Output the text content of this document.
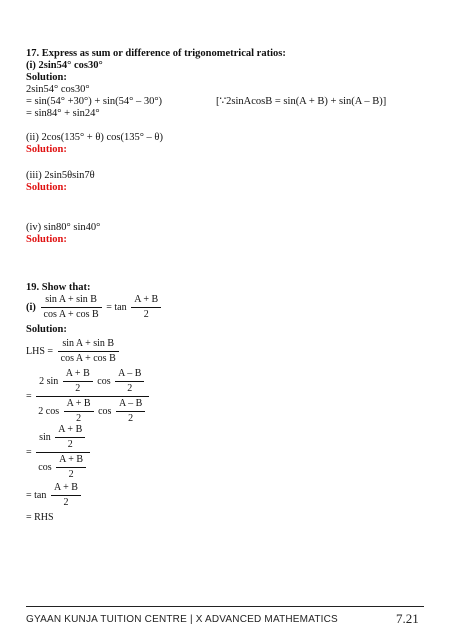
17. Express as sum or difference of trigonometrical ratios:
(i) 2sin54° cos30°
Solution:
2sin54° cos30°
= sin(54° +30°) + sin(54° – 30°)	[∵2sinAcosB = sin(A + B) + sin(A – B)]
= sin84° + sin24°
(ii) 2cos(135° + θ) cos(135° – θ)
Solution:
(iii) 2sin5θsin7θ
Solution:
(iv) sin80° sin40°
Solution:
19. Show that:
$(i) \frac{\text{sin A + sin B}}{\text{cos A + cos B}} = \tan \frac{A + B}{2}$
Solution:
LHS = $\frac{\text{sin A + sin B}}{\text{cos A + cos B}}$
= $\frac{2 \sin \frac{A + B}{2} \cos \frac{A - B}{2}}{2 \cos \frac{A + B}{2} \cos \frac{A - B}{2}}$
= $\frac{\sin \frac{A + B}{2}}{\cos \frac{A + B}{2}}$
= $\tan \frac{A + B}{2}$
= RHS
GYAAN KUNJA TUITION CENTRE | X ADVANCED MATHEMATICS	7.21
